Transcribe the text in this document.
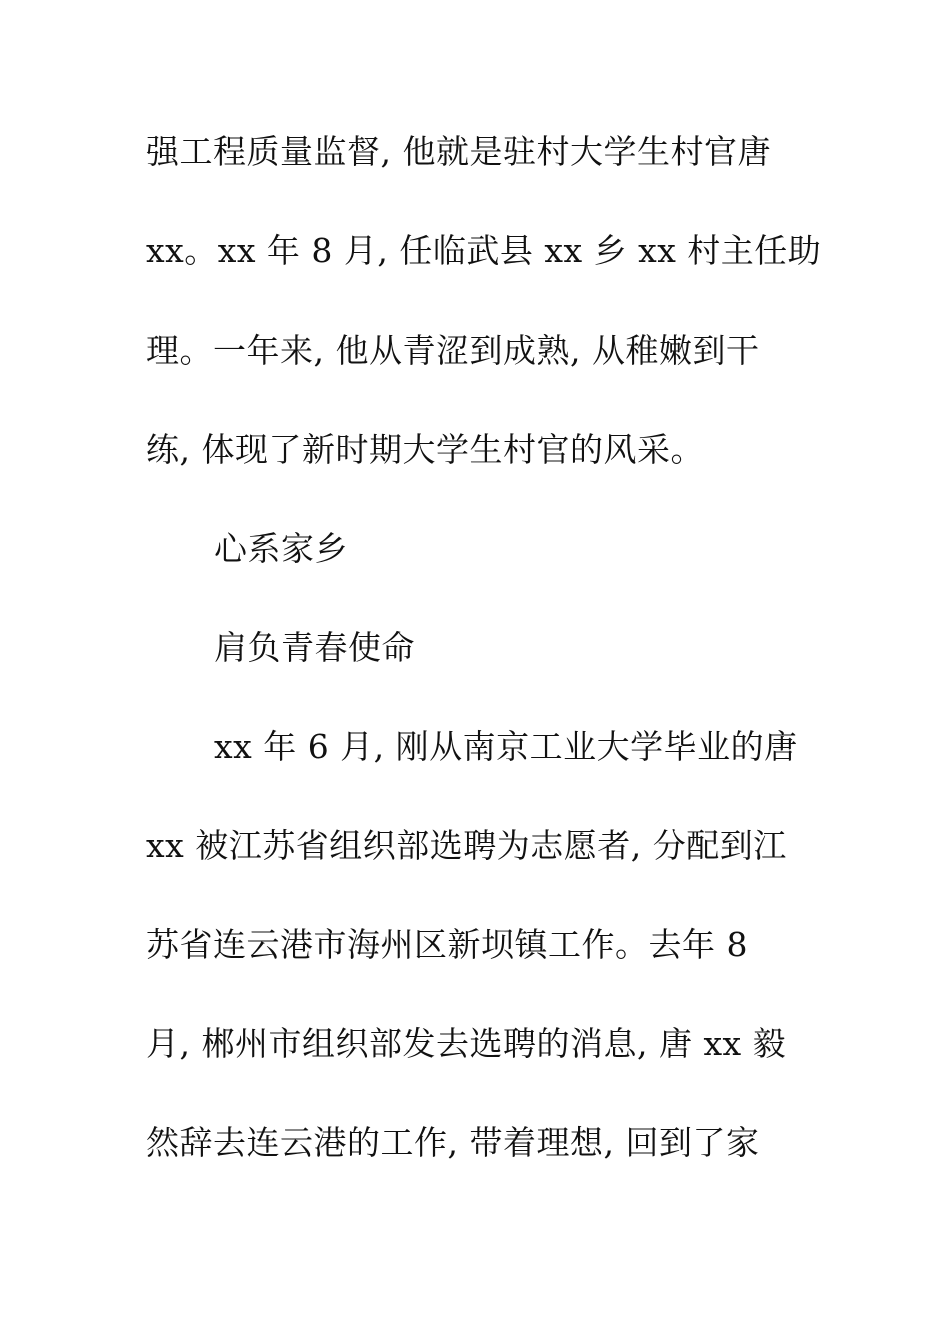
强工程质量监督, 他就是驻村大学生村官唐
xx。xx 年 8 月, 任临武县 xx 乡 xx 村主任助
理。一年来, 他从青涩到成熟, 从稚嫩到干
练, 体现了新时期大学生村官的风采。
心系家乡
肩负青春使命
xx 年 6 月, 刚从南京工业大学毕业的唐
xx 被江苏省组织部选聘为志愿者, 分配到江
苏省连云港市海州区新坝镇工作。去年 8
月, 郴州市组织部发去选聘的消息, 唐 xx 毅
然辞去连云港的工作, 带着理想, 回到了家
